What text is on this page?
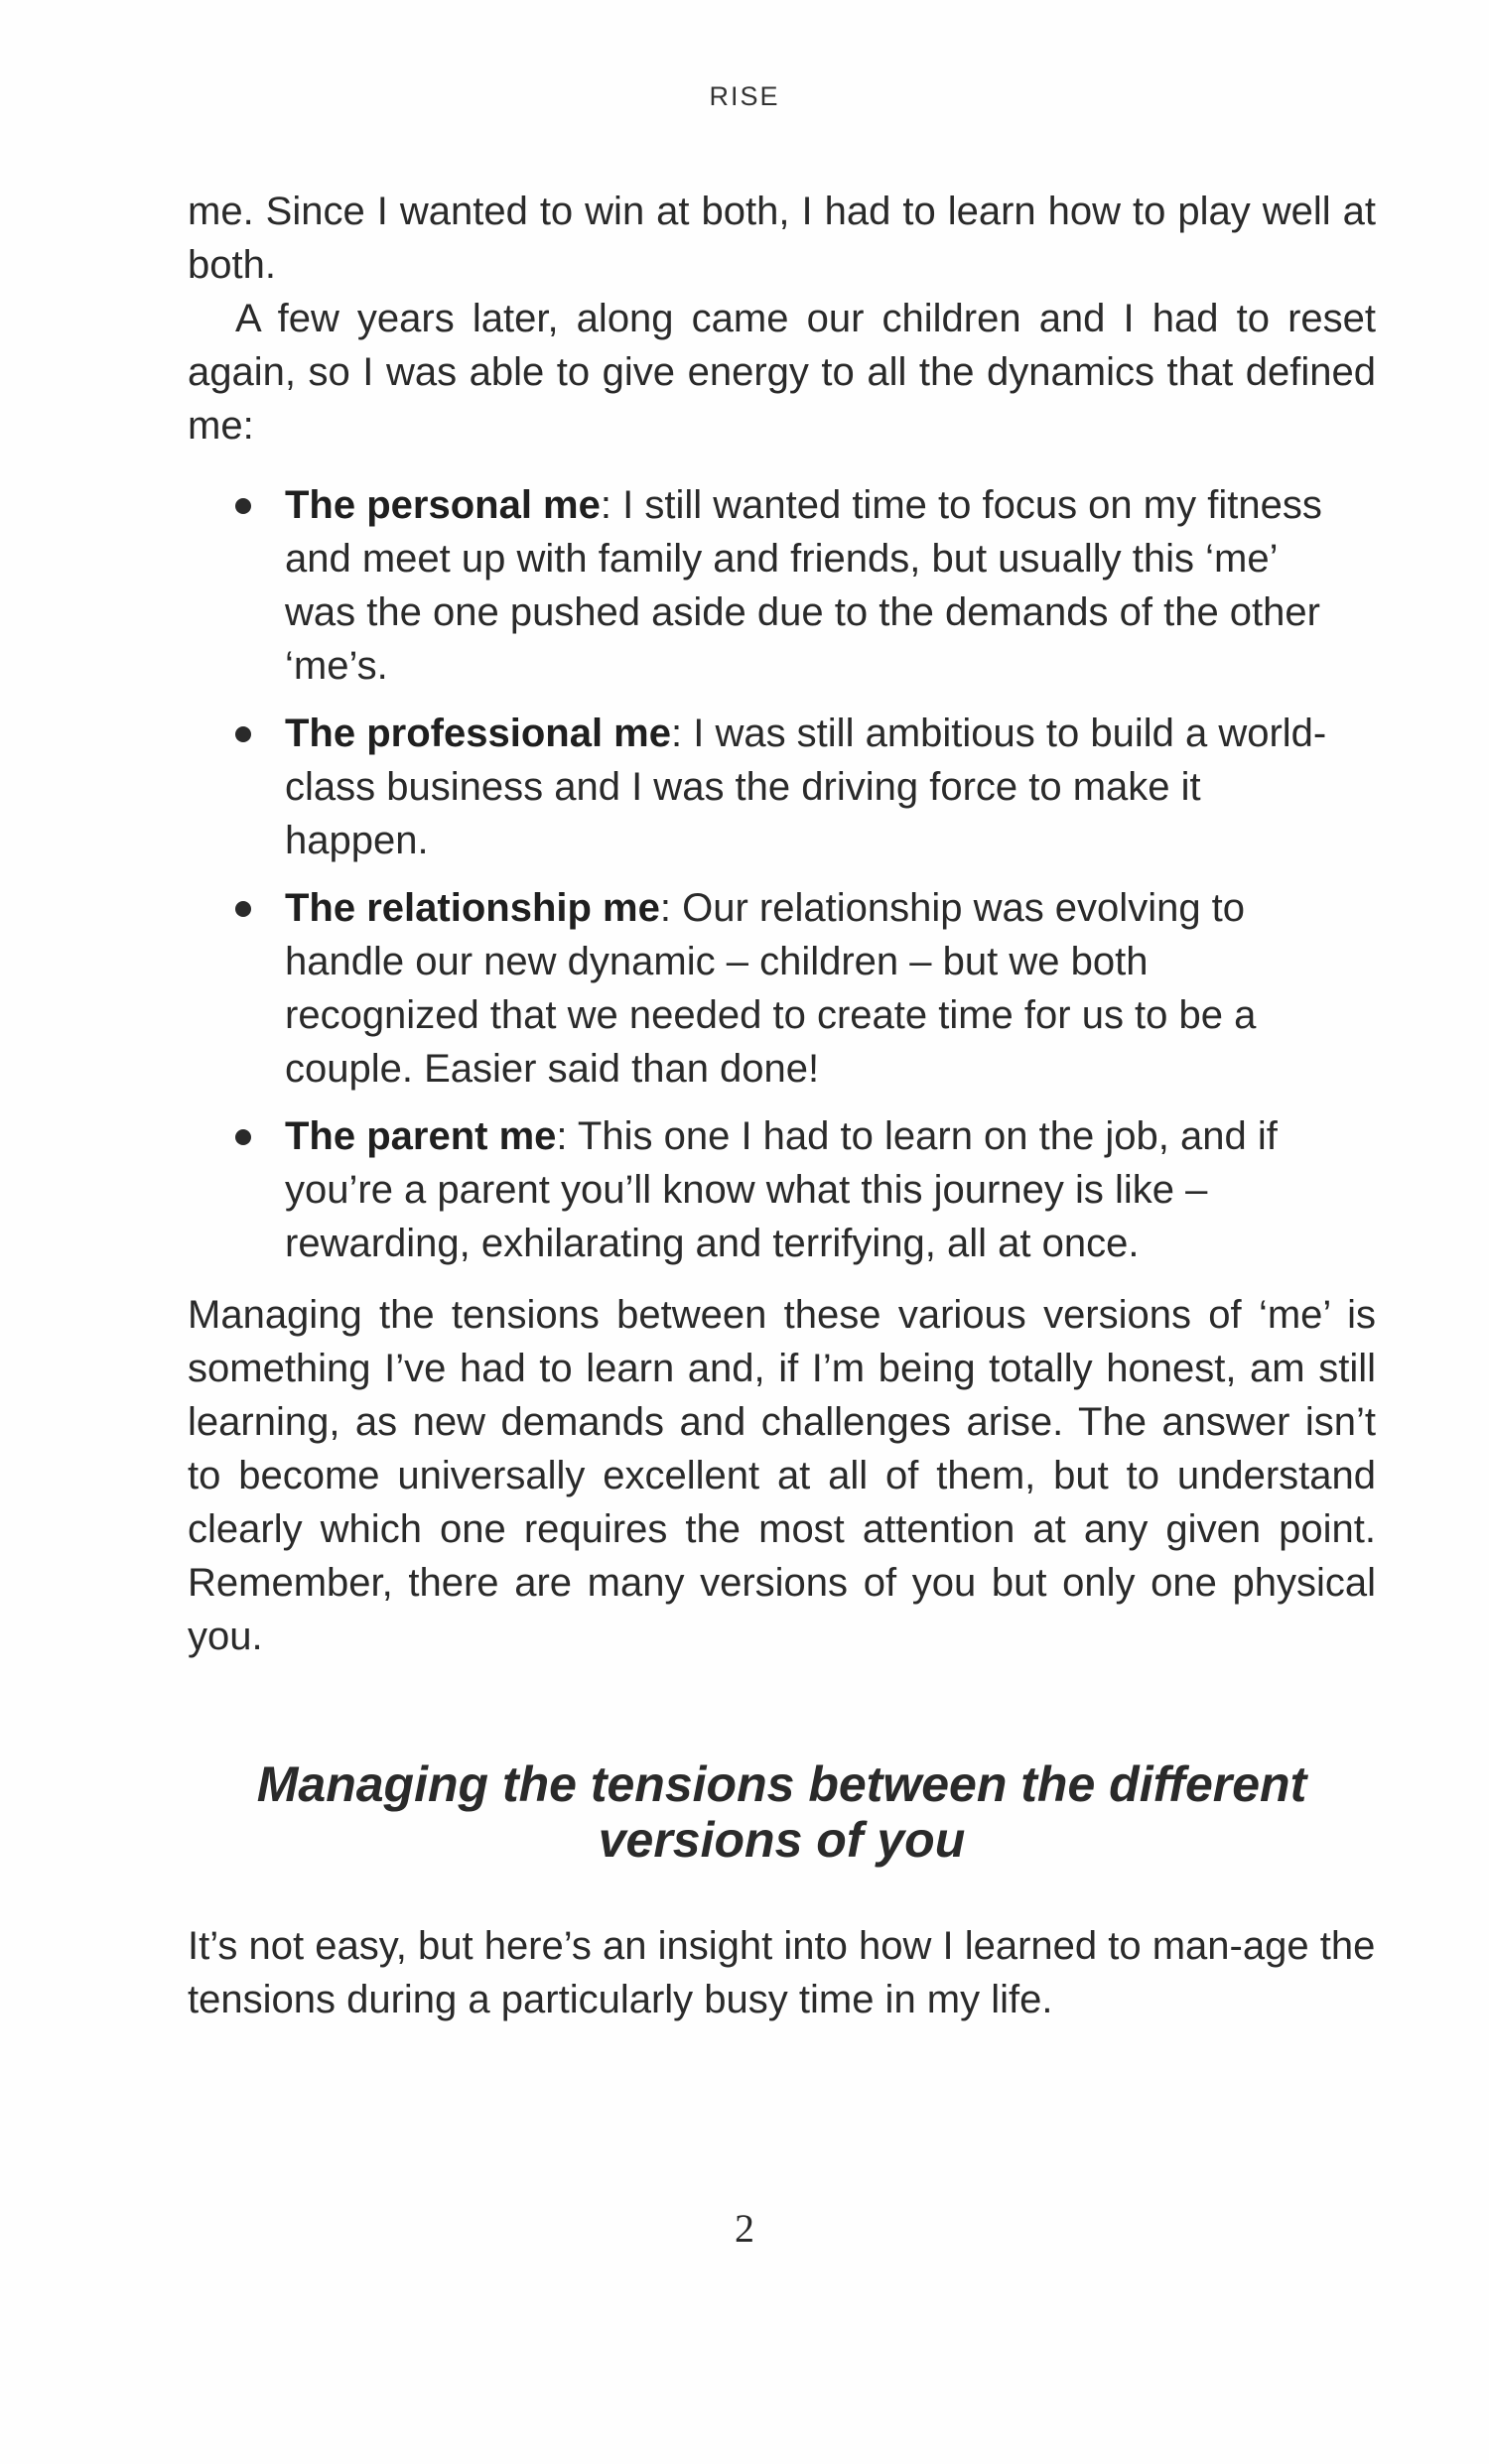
RISE

me. Since I wanted to win at both, I had to learn how to play well at both.

A few years later, along came our children and I had to reset again, so I was able to give energy to all the dynamics that defined me:

The personal me: I still wanted time to focus on my fitness and meet up with family and friends, but usually this ‘me’ was the one pushed aside due to the demands of the other ‘me’s.
The professional me: I was still ambitious to build a world-class business and I was the driving force to make it happen.
The relationship me: Our relationship was evolving to handle our new dynamic – children – but we both recognized that we needed to create time for us to be a couple. Easier said than done!
The parent me: This one I had to learn on the job, and if you’re a parent you’ll know what this journey is like – rewarding, exhilarating and terrifying, all at once.

Managing the tensions between these various versions of ‘me’ is something I’ve had to learn and, if I’m being totally honest, am still learning, as new demands and challenges arise. The answer isn’t to become universally excellent at all of them, but to understand clearly which one requires the most attention at any given point. Remember, there are many versions of you but only one physical you.

Managing the tensions between the different versions of you

It’s not easy, but here’s an insight into how I learned to man-age the tensions during a particularly busy time in my life.

2
